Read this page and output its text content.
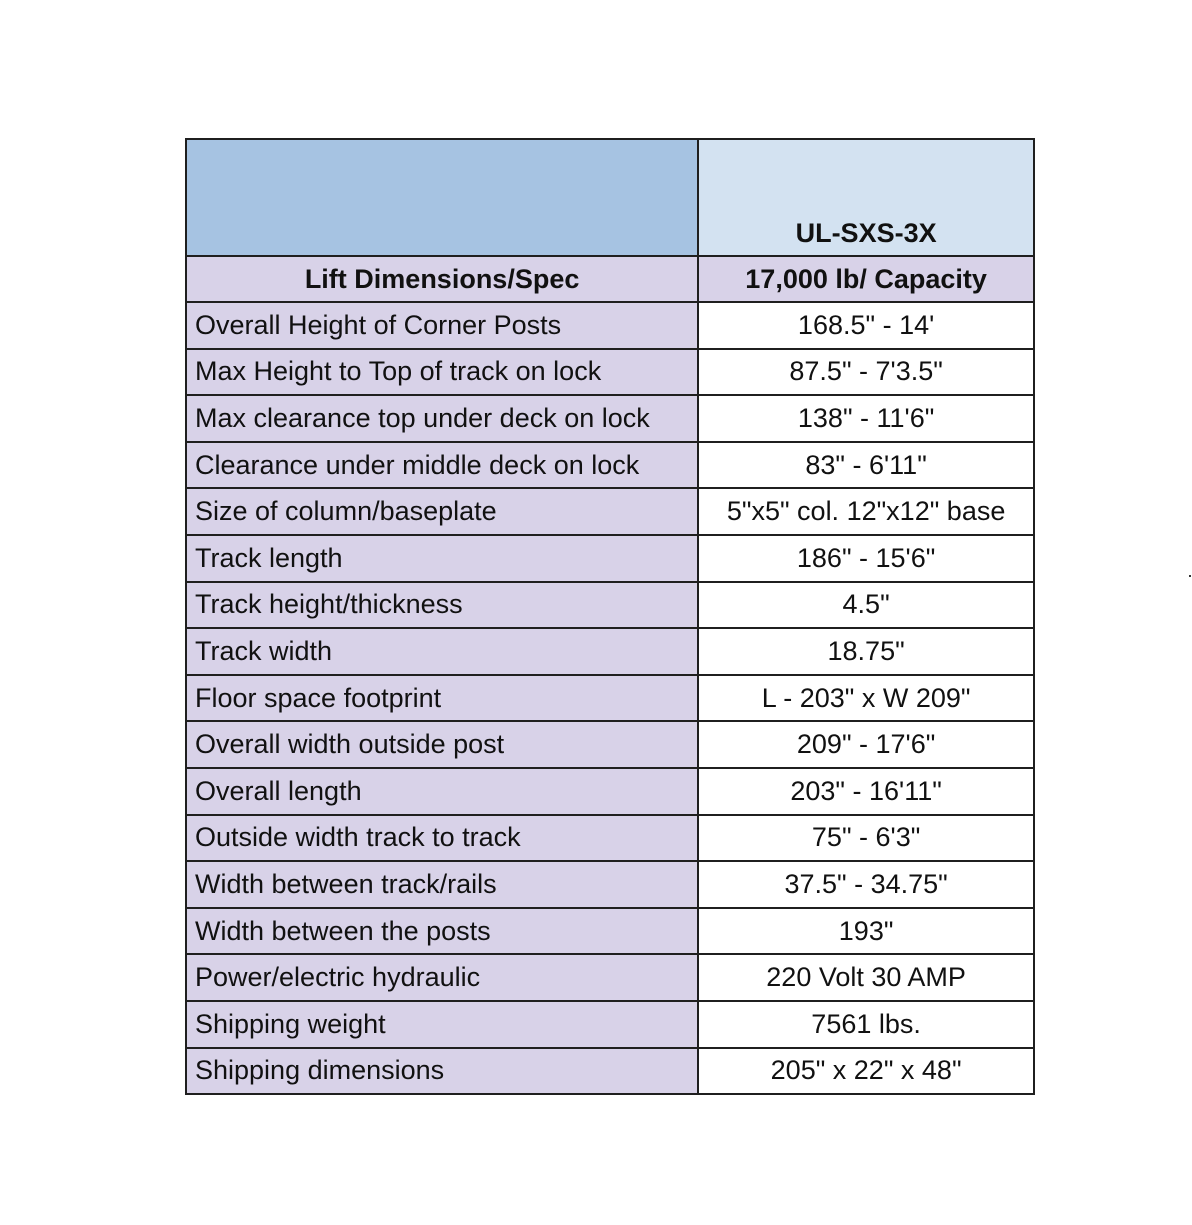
	UL-SXS-3X
Lift Dimensions/Spec	17,000 lb/ Capacity
Overall Height of Corner Posts	168.5" - 14'
Max Height to Top of track on lock	87.5" - 7'3.5"
Max clearance top under deck on lock	138" - 11'6"
Clearance under middle deck on lock	83" - 6'11"
Size of column/baseplate	5"x5" col. 12"x12" base
Track length	186" - 15'6"
Track height/thickness	4.5"
Track width	18.75"
Floor space footprint	L - 203" x W 209"
Overall width outside post	209" - 17'6"
Overall length	203" - 16'11"
Outside width track to track	75" - 6'3"
Width between track/rails	37.5" - 34.75"
Width between the posts	193"
Power/electric hydraulic	220 Volt 30 AMP
Shipping weight	7561 lbs.
Shipping dimensions	205" x 22" x 48"
